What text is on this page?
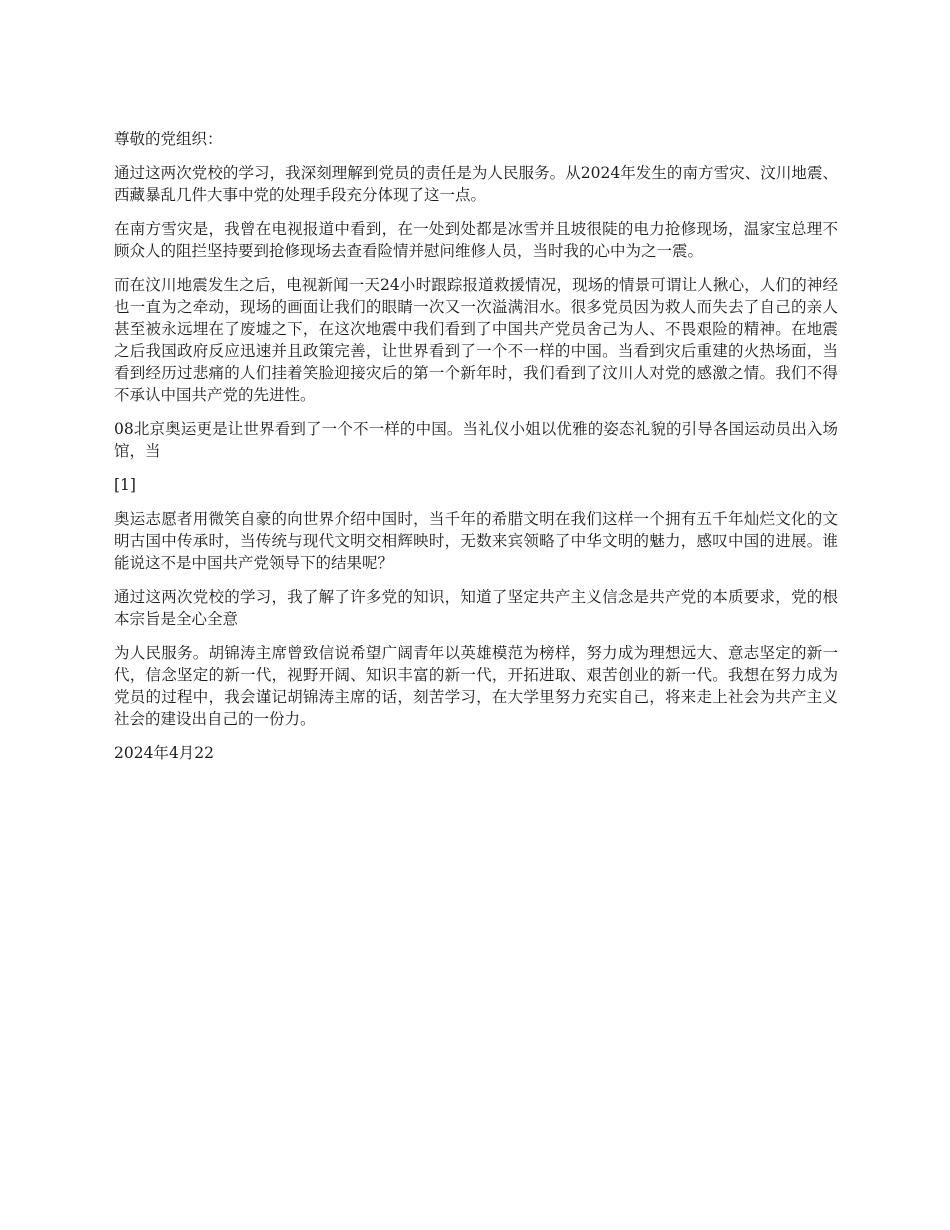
尊敬的党组织：

通过这两次党校的学习，我深刻理解到党员的责任是为人民服务。从2024年发生的南方雪灾、汶川地震、西藏暴乱几件大事中党的处理手段充分体现了这一点。

在南方雪灾是，我曾在电视报道中看到，在一处到处都是冰雪并且坡很陡的电力抢修现场，温家宝总理不顾众人的阻拦坚持要到抢修现场去查看险情并慰问维修人员，当时我的心中为之一震。

而在汶川地震发生之后，电视新闻一天24小时跟踪报道救援情况，现场的情景可谓让人揪心，人们的神经也一直为之牵动，现场的画面让我们的眼睛一次又一次溢满泪水。很多党员因为救人而失去了自己的亲人甚至被永远埋在了废墟之下，在这次地震中我们看到了中国共产党员舍己为人、不畏艰险的精神。在地震之后我国政府反应迅速并且政策完善，让世界看到了一个不一样的中国。当看到灾后重建的火热场面，当看到经历过悲痛的人们挂着笑脸迎接灾后的第一个新年时，我们看到了汶川人对党的感激之情。我们不得不承认中国共产党的先进性。

08北京奥运更是让世界看到了一个不一样的中国。当礼仪小姐以优雅的姿态礼貌的引导各国运动员出入场馆，当

[1]

奥运志愿者用微笑自豪的向世界介绍中国时，当千年的希腊文明在我们这样一个拥有五千年灿烂文化的文明古国中传承时，当传统与现代文明交相辉映时，无数来宾领略了中华文明的魅力，感叹中国的进展。谁能说这不是中国共产党领导下的结果呢？

通过这两次党校的学习，我了解了许多党的知识，知道了坚定共产主义信念是共产党的本质要求，党的根本宗旨是全心全意

为人民服务。胡锦涛主席曾致信说希望广阔青年以英雄模范为榜样，努力成为理想远大、意志坚定的新一代，信念坚定的新一代，视野开阔、知识丰富的新一代，开拓进取、艰苦创业的新一代。我想在努力成为党员的过程中，我会谨记胡锦涛主席的话，刻苦学习，在大学里努力充实自己，将来走上社会为共产主义社会的建设出自己的一份力。

2024年4月22
